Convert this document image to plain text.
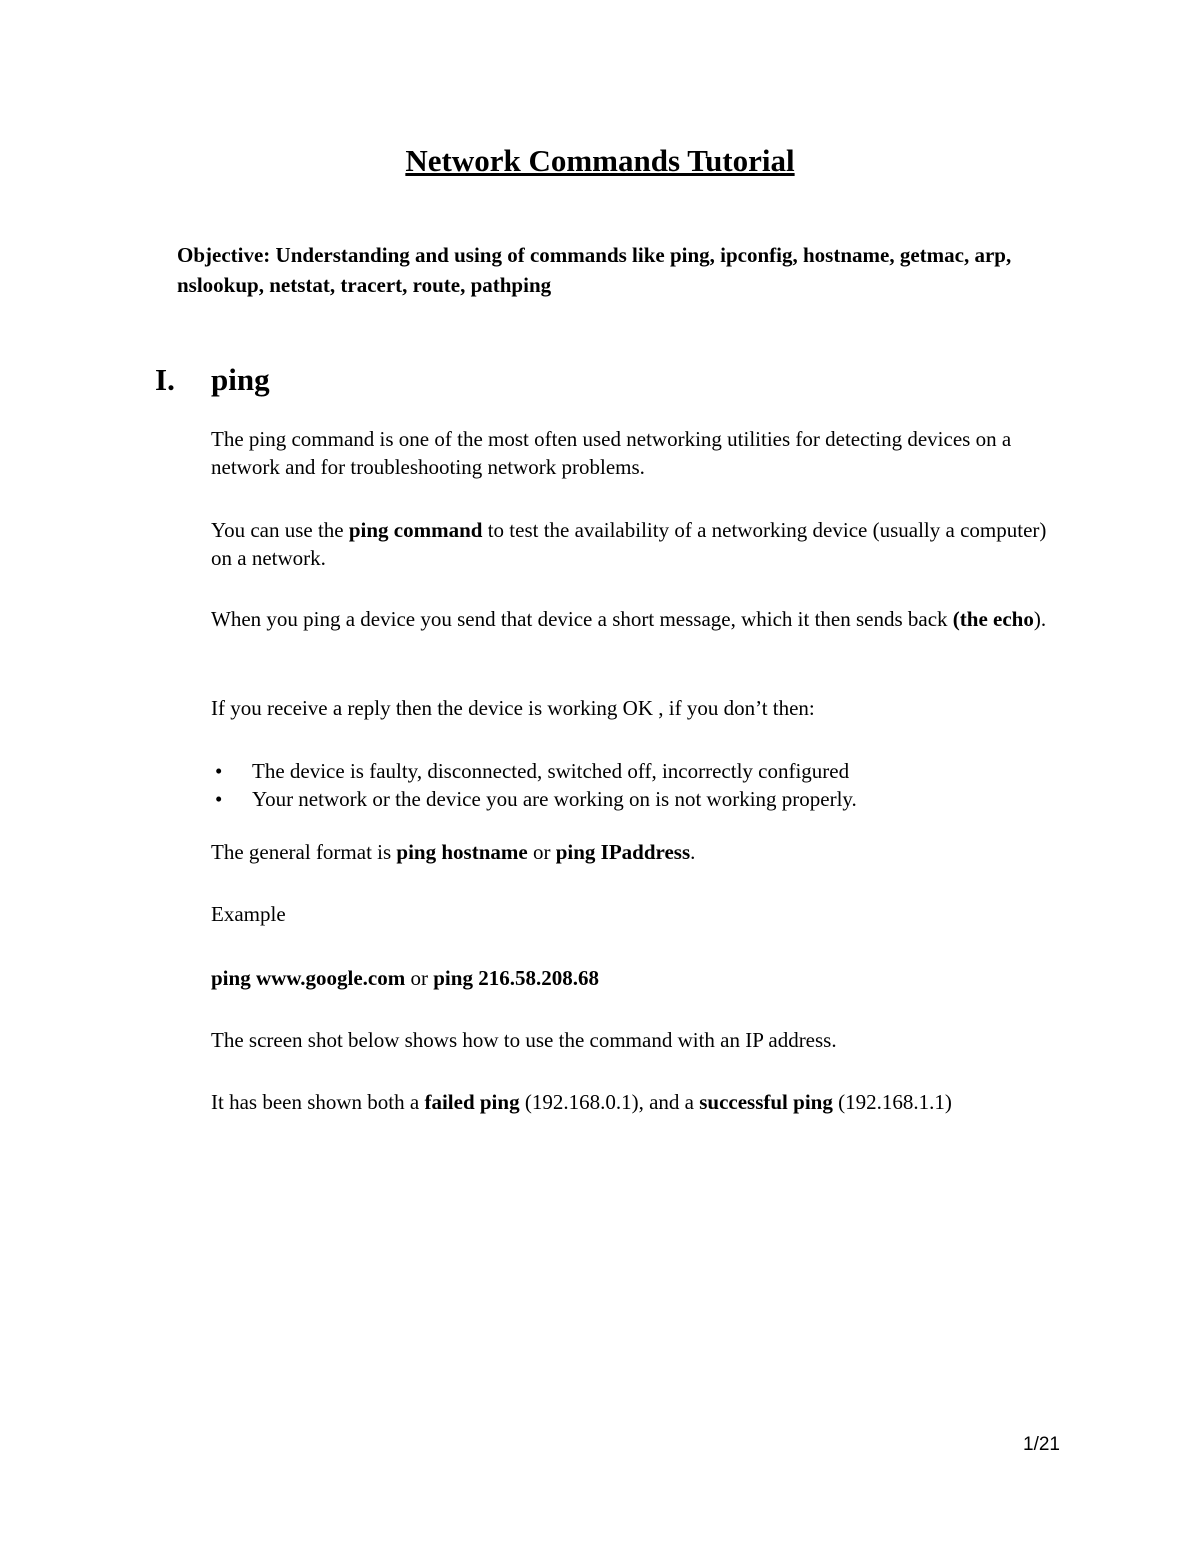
Network Commands Tutorial
Objective: Understanding and using of commands like ping, ipconfig, hostname, getmac, arp, nslookup, netstat, tracert, route, pathping
I.	ping

The ping command is one of the most often used networking utilities for detecting devices on a network and for troubleshooting network problems.

You can use the ping command to test the availability of a networking device (usually a computer) on a network.

When you ping a device you send that device a short message, which it then sends back (the echo).

If you receive a reply then the device is working OK , if you don’t then:

• The device is faulty, disconnected, switched off, incorrectly configured
• Your network or the device you are working on is not working properly.

The general format is ping hostname or ping IPaddress.

Example

ping www.google.com or ping 216.58.208.68

The screen shot below shows how to use the command with an IP address.

It has been shown both a failed ping (192.168.0.1), and a successful ping (192.168.1.1)

1/21
